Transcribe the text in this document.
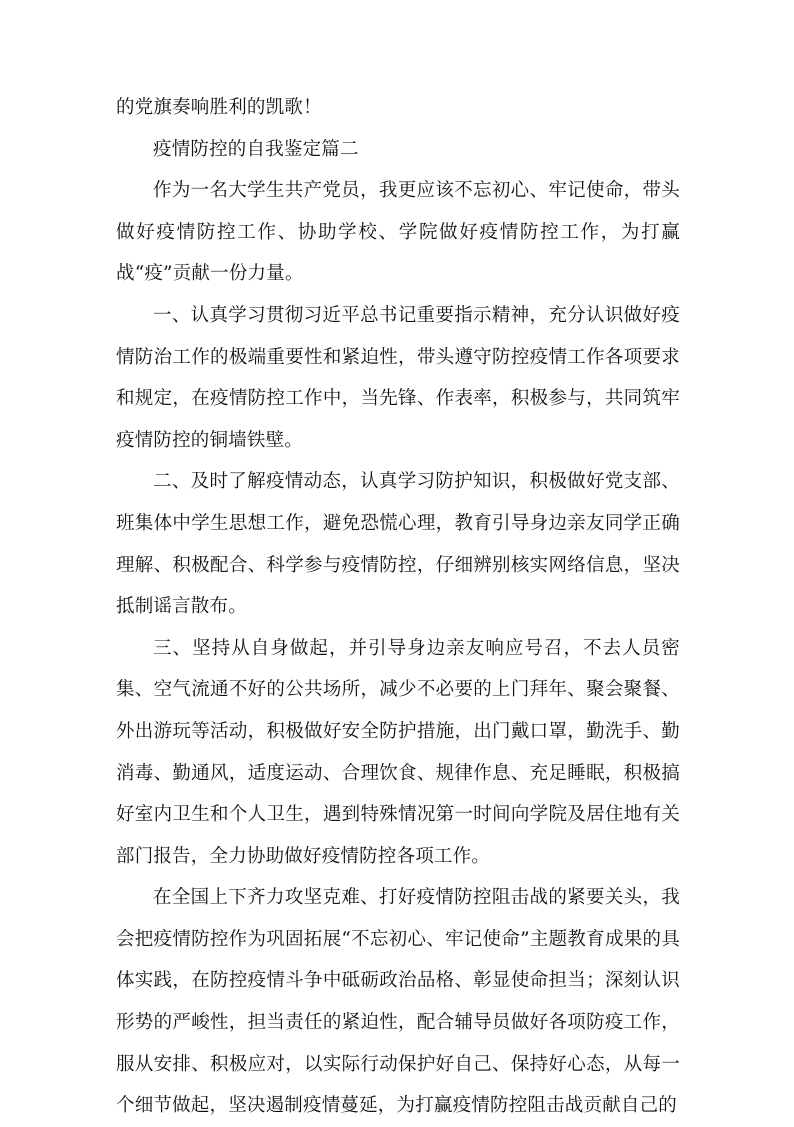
的党旗奏响胜利的凯歌！

疫情防控的自我鉴定篇二

作为一名大学生共产党员，我更应该不忘初心、牢记使命，带头做好疫情防控工作、协助学校、学院做好疫情防控工作，为打赢战“疫”贡献一份力量。

一、认真学习贯彻习近平总书记重要指示精神，充分认识做好疫情防治工作的极端重要性和紧迫性，带头遵守防控疫情工作各项要求和规定，在疫情防控工作中，当先锋、作表率，积极参与，共同筑牢疫情防控的铜墙铁壁。

二、及时了解疫情动态，认真学习防护知识，积极做好党支部、班集体中学生思想工作，避免恐慌心理，教育引导身边亲友同学正确理解、积极配合、科学参与疫情防控，仔细辨别核实网络信息，坚决抵制谣言散布。

三、坚持从自身做起，并引导身边亲友响应号召，不去人员密集、空气流通不好的公共场所，减少不必要的上门拜年、聚会聚餐、外出游玩等活动，积极做好安全防护措施，出门戴口罩，勤洗手、勤消毒、勤通风，适度运动、合理饮食、规律作息、充足睡眠，积极搞好室内卫生和个人卫生，遇到特殊情况第一时间向学院及居住地有关部门报告，全力协助做好疫情防控各项工作。

在全国上下齐力攻坚克难、打好疫情防控阻击战的紧要关头，我会把疫情防控作为巩固拓展“不忘初心、牢记使命”主题教育成果的具体实践，在防控疫情斗争中砥砺政治品格、彰显使命担当；深刻认识形势的严峻性，担当责任的紧迫性，配合辅导员做好各项防疫工作，服从安排、积极应对，以实际行动保护好自己、保持好心态，从每一个细节做起，坚决遏制疫情蔓延，为打赢疫情防控阻击战贡献自己的
